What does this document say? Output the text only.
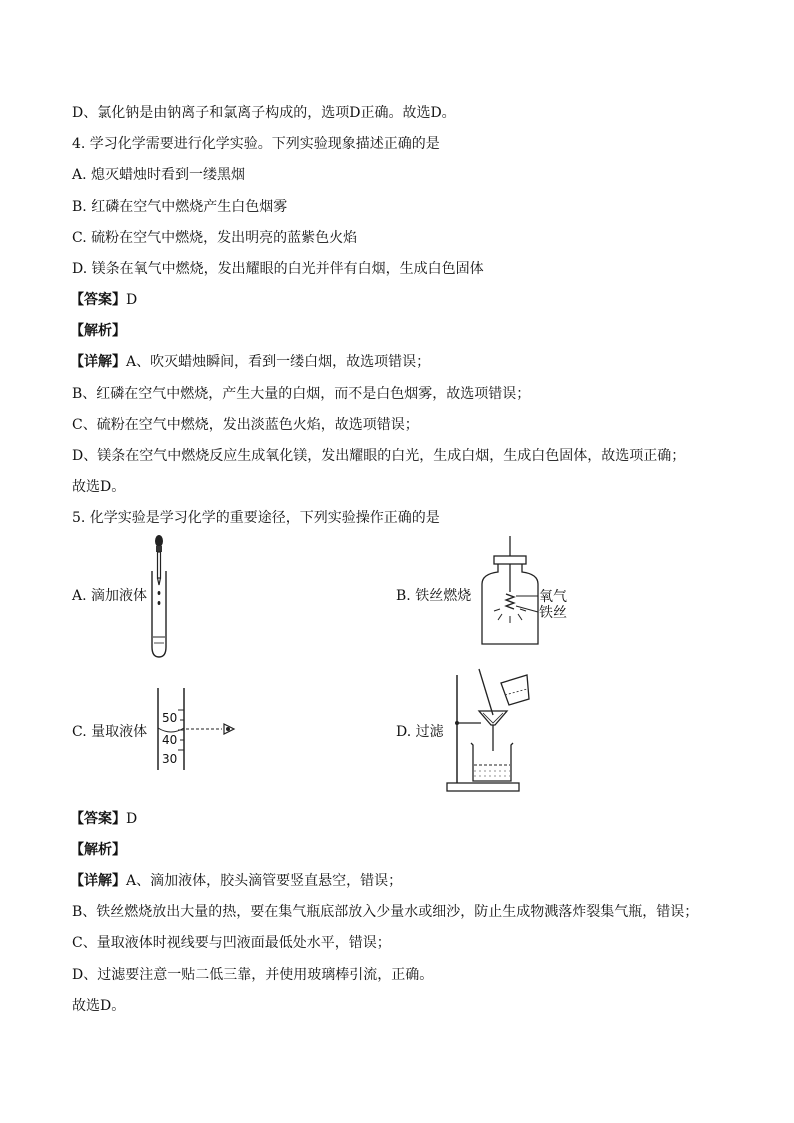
D、氯化钠是由钠离子和氯离子构成的，选项D正确。故选D。
4. 学习化学需要进行化学实验。下列实验现象描述正确的是
A. 熄灭蜡烛时看到一缕黑烟
B. 红磷在空气中燃烧产生白色烟雾
C. 硫粉在空气中燃烧，发出明亮的蓝紫色火焰
D. 镁条在氧气中燃烧，发出耀眼的白光并伴有白烟，生成白色固体
【答案】D
【解析】
【详解】A、吹灭蜡烛瞬间，看到一缕白烟，故选项错误；
B、红磷在空气中燃烧，产生大量的白烟，而不是白色烟雾，故选项错误；
C、硫粉在空气中燃烧，发出淡蓝色火焰，故选项错误；
D、镁条在空气中燃烧反应生成氧化镁，发出耀眼的白光，生成白烟，生成白色固体，故选项正确；
故选D。
5. 化学实验是学习化学的重要途径，下列实验操作正确的是
A. 滴加液体	B. 铁丝燃烧	氧气
铁丝
C. 量取液体
50
40
30
D. 过滤
【答案】D
【解析】
【详解】A、滴加液体，胶头滴管要竖直悬空，错误；
B、铁丝燃烧放出大量的热，要在集气瓶底部放入少量水或细沙，防止生成物溅落炸裂集气瓶，错误；
C、量取液体时视线要与凹液面最低处水平，错误；
D、过滤要注意一贴二低三靠，并使用玻璃棒引流，正确。
故选D。
